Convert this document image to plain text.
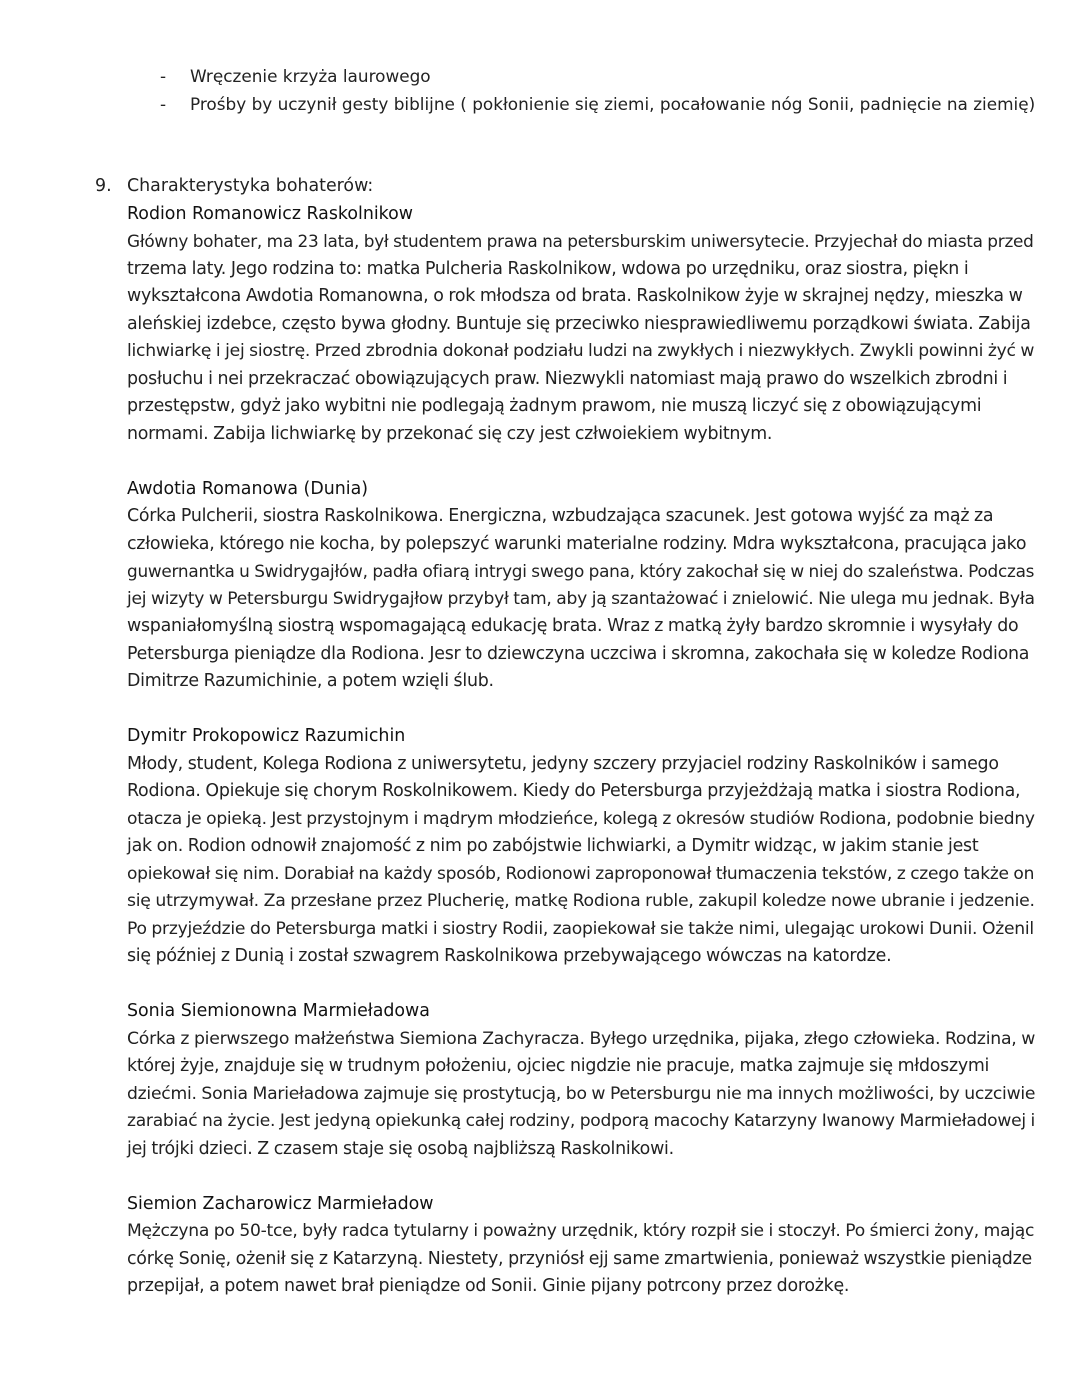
- Wręczenie krzyża laurowego
- Prośby by uczynił gesty biblijne ( pokłonienie się ziemi, pocałowanie nóg Sonii, padnięcie na ziemię)
9. Charakterystyka bohaterów:

Rodion Romanowicz Raskolnikow

Główny bohater, ma 23 lata, był studentem prawa na petersburskim uniwersytecie. Przyjechał do miasta przed
trzema laty. Jego rodzina to: matka Pulcheria Raskolnikow, wdowa po urzędniku, oraz siostra, piękn i
wykształcona Awdotia Romanowna, o rok młodsza od brata. Raskolnikow żyje w skrajnej nędzy, mieszka w
aleńskiej izdebce, często bywa głodny. Buntuje się przeciwko niesprawiedliwemu porządkowi świata. Zabija
lichwiarkę i jej siostrę. Przed zbrodnia dokonał podziału ludzi na zwykłych i niezwykłych. Zwykli powinni żyć w
posłuchu i nei przekraczać obowiązujących praw. Niezwykli natomiast mają prawo do wszelkich zbrodni i
przestępstw, gdyż jako wybitni nie podlegają żadnym prawom, nie muszą liczyć się z obowiązującymi
normami. Zabija lichwiarkę by przekonać się czy jest człwoiekiem wybitnym.

Awdotia Romanowa (Dunia)

Córka Pulcherii, siostra Raskolnikowa. Energiczna, wzbudzająca szacunek. Jest gotowa wyjść za mąż za
człowieka, którego nie kocha, by polepszyć warunki materialne rodziny. Mdra wykształcona, pracująca jako
guwernantka u Swidrygajłów, padła ofiarą intrygi swego pana, który zakochał się w niej do szaleństwa. Podczas
jej wizyty w Petersburgu Swidrygajłow przybył tam, aby ją szantażować i znielowić. Nie ulega mu jednak. Była
wspaniałomyślną siostrą wspomagającą edukację brata. Wraz z matką żyły bardzo skromnie i wysyłały do
Petersburga pieniądze dla Rodiona. Jesr to dziewczyna uczciwa i skromna, zakochała się w koledze Rodiona
Dimitrze Razumichinie, a potem wzięli ślub.

Dymitr Prokopowicz Razumichin

Młody, student, Kolega Rodiona z uniwersytetu, jedyny szczery przyjaciel rodziny Raskolników i samego
Rodiona. Opiekuje się chorym Roskolnikowem. Kiedy do Petersburga przyjeżdżają matka i siostra Rodiona,
otacza je opieką. Jest przystojnym i mądrym młodzieńce, kolegą z okresów studiów Rodiona, podobnie biedny
jak on. Rodion odnowił znajomość z nim po zabójstwie lichwiarki, a Dymitr widząc, w jakim stanie jest
opiekował się nim. Dorabiał na każdy sposób, Rodionowi zaproponował tłumaczenia tekstów, z czego także on
się utrzymywał. Za przesłane przez Plucherię, matkę Rodiona ruble, zakupil koledze nowe ubranie i jedzenie.
Po przyjeździe do Petersburga matki i siostry Rodii, zaopiekował sie także nimi, ulegając urokowi Dunii. Ożenil
się później z Dunią i został szwagrem Raskolnikowa przebywającego wówczas na katordze.

Sonia Siemionowna Marmieładowa

Córka z pierwszego małżeństwa Siemiona Zachyracza. Byłego urzędnika, pijaka, złego człowieka. Rodzina, w
której żyje, znajduje się w trudnym położeniu, ojciec nigdzie nie pracuje, matka zajmuje się młdoszymi
dziećmi. Sonia Marieładowa zajmuje się prostytucją, bo w Petersburgu nie ma innych możliwości, by uczciwie
zarabiać na życie. Jest jedyną opiekunką całej rodziny, podporą macochy Katarzyny Iwanowy Marmieładowej i
jej trójki dzieci. Z czasem staje się osobą najbliższą Raskolnikowi.

Siemion Zacharowicz Marmieładow

Mężczyna po 50-tce, były radca tytularny i poważny urzędnik, który rozpił sie i stoczył. Po śmierci żony, mając
córkę Sonię, ożenił się z Katarzyną. Niestety, przyniósł ejj same zmartwienia, ponieważ wszystkie pieniądze
przepijał, a potem nawet brał pieniądze od Sonii. Ginie pijany potrcony przez dorożkę.
